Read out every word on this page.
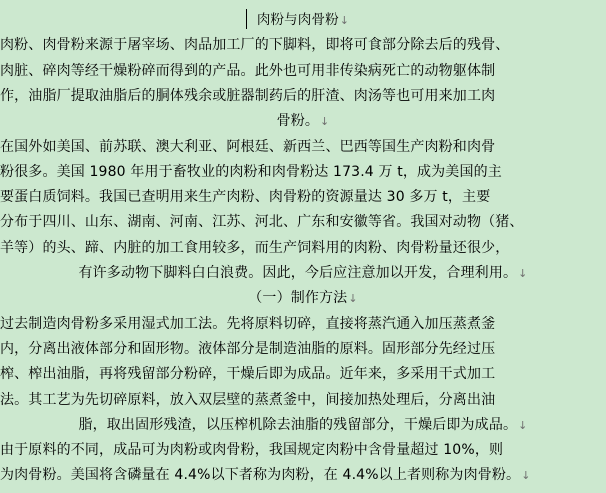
肉粉与肉骨粉↓
肉粉、肉骨粉来源于屠宰场、肉品加工厂的下脚料，即将可食部分除去后的残骨、
肉脏、碎肉等经干燥粉碎而得到的产品。此外也可用非传染病死亡的动物躯体制
作，油脂厂提取油脂后的胴体残余或脏器制药后的肝渣、肉汤等也可用来加工肉
骨粉。↓
在国外如美国、前苏联、澳大利亚、阿根廷、新西兰、巴西等国生产肉粉和肉骨
粉很多。美国 1980 年用于畜牧业的肉粉和肉骨粉达 173.4 万 t，成为美国的主
要蛋白质饲料。我国已查明用来生产肉粉、肉骨粉的资源量达 30 多万 t，主要
分布于四川、山东、湖南、河南、江苏、河北、广东和安徽等省。我国对动物（猪、
羊等）的头、蹄、内脏的加工食用较多，而生产饲料用的肉粉、肉骨粉量还很少，
有许多动物下脚料白白浪费。因此，今后应注意加以开发，合理利用。↓
（一）制作方法↓
过去制造肉骨粉多采用湿式加工法。先将原料切碎，直接将蒸汽通入加压蒸煮釜
内，分离出液体部分和固形物。液体部分是制造油脂的原料。固形部分先经过压
榨、榨出油脂，再将残留部分粉碎，干燥后即为成品。近年来，多采用干式加工
法。其工艺为先切碎原料，放入双层壁的蒸煮釜中，间接加热处理后，分离出油
脂，取出固形残渣，以压榨机除去油脂的残留部分，干燥后即为成品。↓
由于原料的不同，成品可为肉粉或肉骨粉，我国规定肉粉中含骨量超过 10%，则
为肉骨粉。美国将含磷量在 4.4%以下者称为肉粉，在 4.4%以上者则称为肉骨粉。↓
